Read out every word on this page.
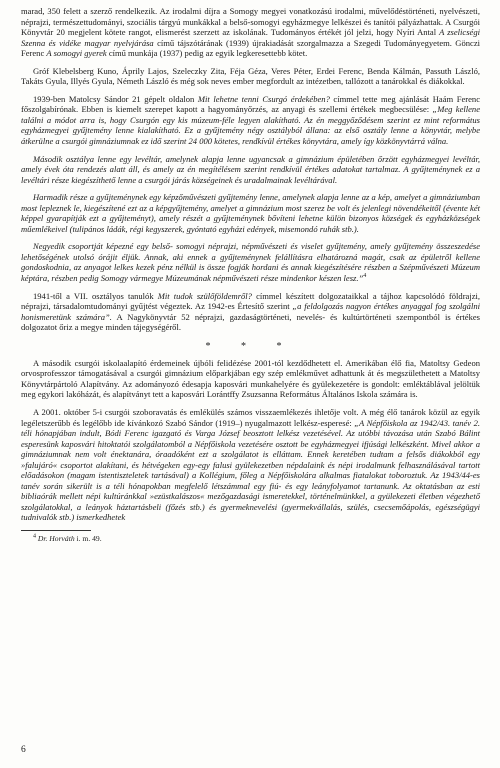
marad, 350 felett a szerző rendelkezik. Az irodalmi díjra a Somogy megyei vonatkozású irodalmi, művelődéstörténeti, nyelvészeti, néprajzi, természettudományi, szociális tárgyú munkákkal a belső-somogyi egyházmegye lelkészei és tanítói pályázhattak. A Csurgói Könyvtár 20 megjelent kötete rangot, elismerést szerzett az iskolának. Tudományos értékét jól jelzi, hogy Nyíri Antal A zselicségi Szenna és vidéke magyar nyelvjárása című tájszótárának (1939) újrakiadását szorgalmazza a Szegedi Tudományegyetem. Gönczi Ferenc A somogyi gyerek című munkája (1937) pedig az egyik legkeresettebb kötet.

Gróf Klebelsberg Kuno, Áprily Lajos, Szeleczky Zita, Féja Géza, Veres Péter, Erdei Ferenc, Benda Kálmán, Passuth László, Takáts Gyula, Illyés Gyula, Németh László és még sok neves ember megfordult az intézetben, tallózott a tanárokkal és diákokkal.

1939-ben Matolcsy Sándor 21 gépelt oldalon Mit lehetne tenni Csurgó érdekében? címmel tette meg ajánlását Haám Ferenc főszolgabírónak. Ebben is kiemelt szerepet kapott a hagyományőrzés, az anyagi és szellemi értékek megbecsülése: „Meg kellene találni a módot arra is, hogy Csurgón egy kis múzeum-féle legyen alakítható. Az én meggyőződésem szerint ez mint református egyházmegyei gyűjtemény lenne kialakítható. Ez a gyűjtemény négy osztályból állana: az első osztály lenne a könyvtár, melybe átkerülne a csurgói gimnáziumnak ez idő szerint 24 000 kötetes, rendkívül értékes könyvtára, amely így közkönyvtárrá válna.

Második osztálya lenne egy levéltár, amelynek alapja lenne ugyancsak a gimnázium épületében őrzött egyházmegyei levéltár, amely évek óta rendezés alatt áll, és amely az én megítélésem szerint rendkívül értékes adatokat tartalmaz. A gyűjteménynek ez a levéltári része kiegészíthető lenne a csurgói járás községeinek és uradalmainak levéltárával.

Harmadik része a gyűjteménynek egy képzőművészeti gyűjtemény lenne, amelynek alapja lenne az a kép, amelyet a gimnáziumban most lepleznek le, kiegészítené ezt az a képgyűjtemény, amelyet a gimnázium most szerez be volt és jelenlegi növendékeitől (évente két képpel gyarapítják ezt a gyűjteményt), amely részét a gyűjteménynek bővíteni lehetne külön bizonyos községek és egyházközségek műemlékeivel (tulipános ládák, régi kegyszerek, gyóntató egyházi edények, misemondó ruhák stb.).

Negyedik csoportját képezné egy belső- somogyi néprajzi, népművészeti és viselet gyűjtemény, amely gyűjtemény összeszedése lehetőségének utolsó órájit éljük. Annak, aki ennek a gyűjteménynek felállításra elhatározná magát, csak az épületről kellene gondoskodnia, az anyagot lelkes kezek pénz nélkül is össze fogják hordani és annak kiegészítésére részben a Szépművészeti Múzeum képtára, részben pedig Somogy vármegye Múzeumának népművészeti része mindenkor készen lesz.”$^4$

1941-től a VII. osztályos tanulók Mit tudok szülőföldemről? címmel készített dolgozataikkal a tájhoz kapcsolódó földrajzi, néprajzi, társadalomtudományi gyűjtést végeztek. Az 1942-es Értesítő szerint „a feldolgozás nagyon értékes anyaggal fog szolgálni honismeretünk számára”. A Nagykönyvtár 52 néprajzi, gazdaságtörténeti, nevelés- és kultúrtörténeti szempontból is értékes dolgozatot őriz a megye minden tájegységéről.

* * *

A második csurgói iskolaalapító érdemeinek újbóli felidézése 2001-tól kezdődhetett el. Amerikában élő fia, Matoltsy Gedeon orvosprofesszor támogatásával a csurgói gimnázium előparkjában egy szép emlékművet adhattunk át és megszülethetett a Matoltsy Könyvtárpártoló Alapítvány. Az adományozó édesapja kaposvári munkahelyére és gyülekezetére is gondolt: emléktáblával jelöltük meg egykori lakóházát, és alapítványt tett a kaposvári Lorántffy Zsuzsanna Református Általános Iskola számára is.

A 2001. október 5-i csurgói szoboravatás és emlékülés számos visszaemlékezés ihletője volt. A még élő tanárok közül az egyik legéletszerűbb és legélőbb ide kívánkozó Szabó Sándor (1919–) nyugalmazott lelkész-esperesé: „A Népfőiskola az 1942/43. tanév 2. téli hónapjában indult, Bódi Ferenc igazgató és Varga József beosztott lelkész vezetésével. Az utóbbi távozása után Szabó Bálint esperesünk kaposvári hitoktatói szolgálatomból a Népfőiskola vezetésére osztott be egyházmegyei ifjúsági lelkészként. Mivel akkor a gimnáziumnak nem volt énektanára, óraadóként ezt a szolgálatot is elláttam. Ennek keretében tudtam a felsős diákokból egy »falujáró« csoportot alakítani, és hétvégeken egy-egy falusi gyülekezetben népdalaink és népi irodalmunk felhasználásával tartott előadásokon (magam istentiszteletek tartásával) a Kollégium, főleg a Népfőiskolára alkalmas fiatalokat toboroztuk. Az 1943/44-es tanév során sikerült is a téli hónapokban megfelelő létszámmal egy fiú- és egy leányfolyamot tartanunk. Az oktatásban az esti bibliaórák mellett népi kultúránkkal »ezüstkalászos« mezőgazdasági ismeretekkel, történelmünkkel, a gyülekezeti életben végezhető szolgálatokkal, a leányok háztartásbeli (főzés stb.) és gyermeknevelési (gyermekvállalás, szülés, csecsemőápolás, egészségügyi tudnivalók stb.) ismerkedhetek

$^4$ Dr. Horváth i. m. 49.

6
